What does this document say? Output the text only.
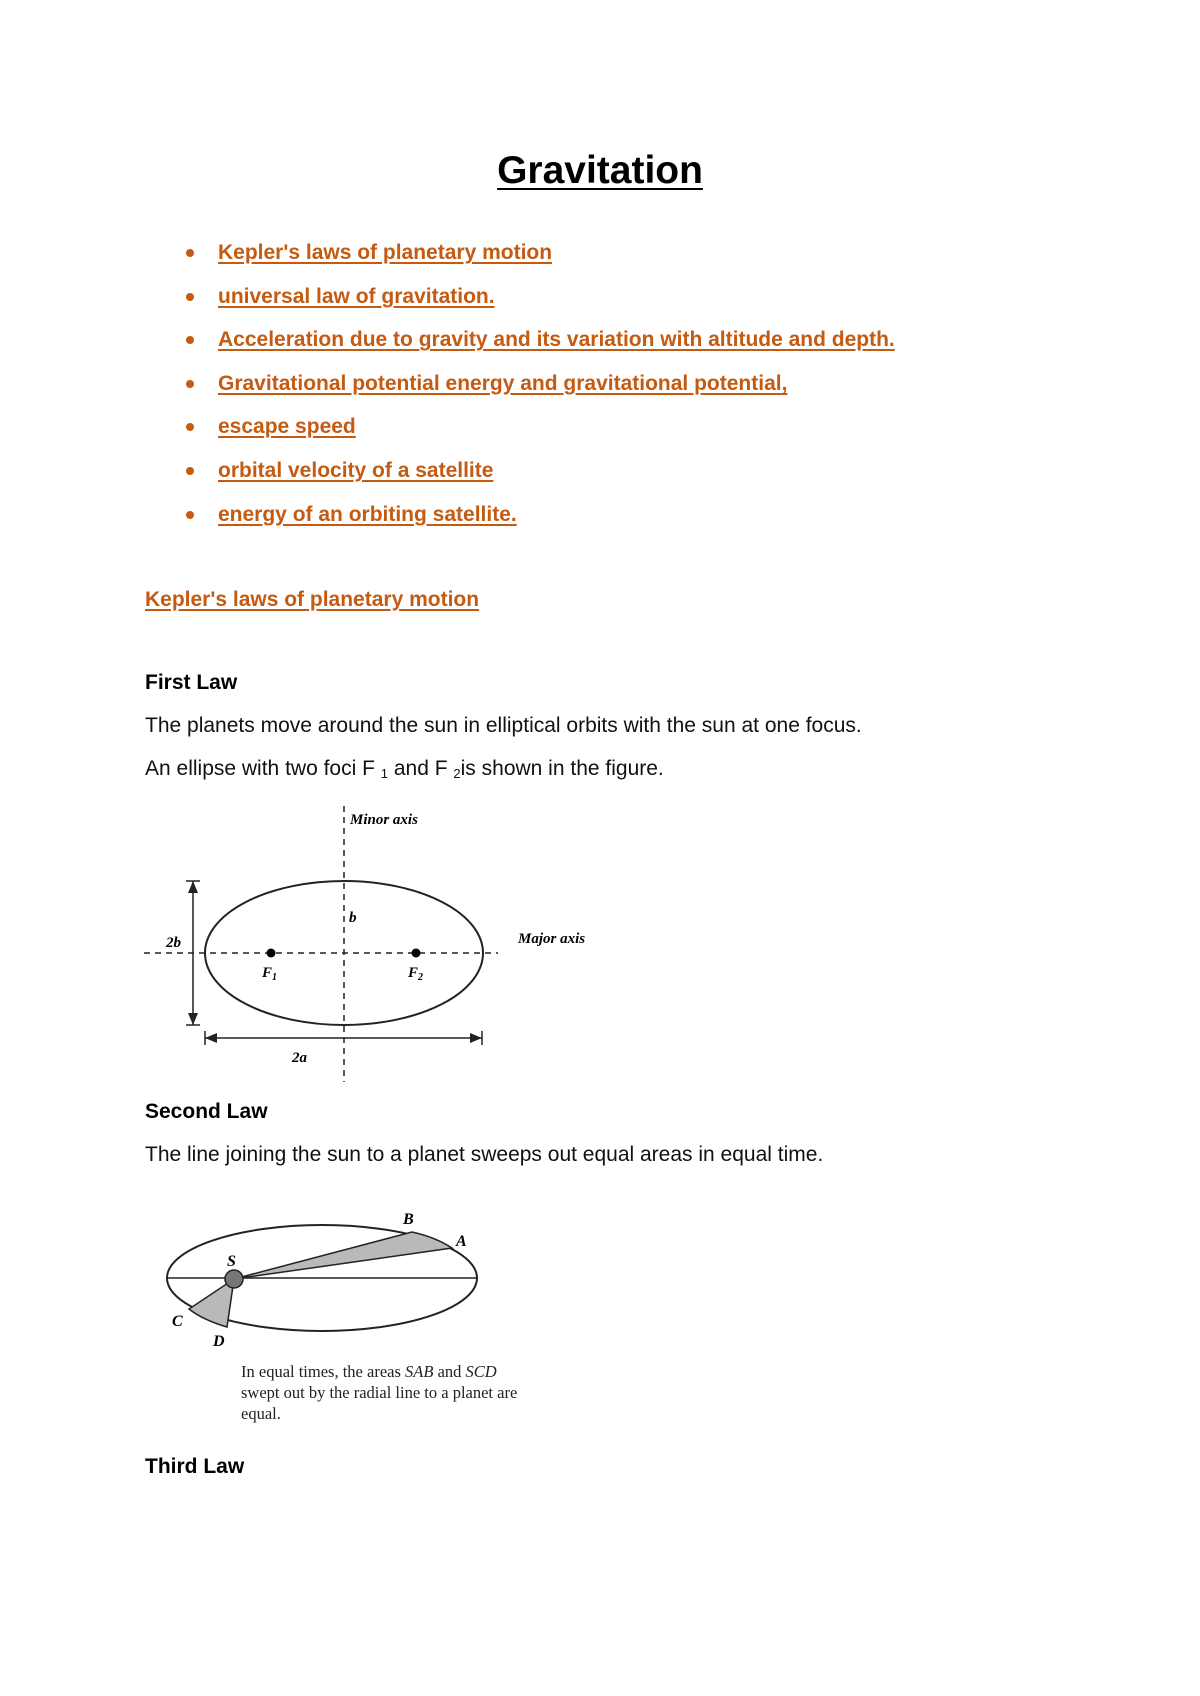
Gravitation
Kepler's laws of planetary motion
universal law of gravitation.
Acceleration due to gravity and its variation with altitude and depth.
Gravitational potential energy and gravitational potential,
escape speed
orbital velocity of a satellite
energy of an orbiting satellite.
Kepler's laws of planetary motion
First Law
The planets move around the sun in elliptical orbits with the sun at one focus.
An ellipse with two foci F $_1$ and F $_2$is shown in the figure.
Minor axis
Major axis
b
2b
2a
$F_1$	$F_2$
Second Law
The line joining the sun to a planet sweeps out equal areas in equal time.
S
B
A
C
D
In equal times, the areas SAB and SCD swept out by the radial line to a planet are equal.
Third Law
